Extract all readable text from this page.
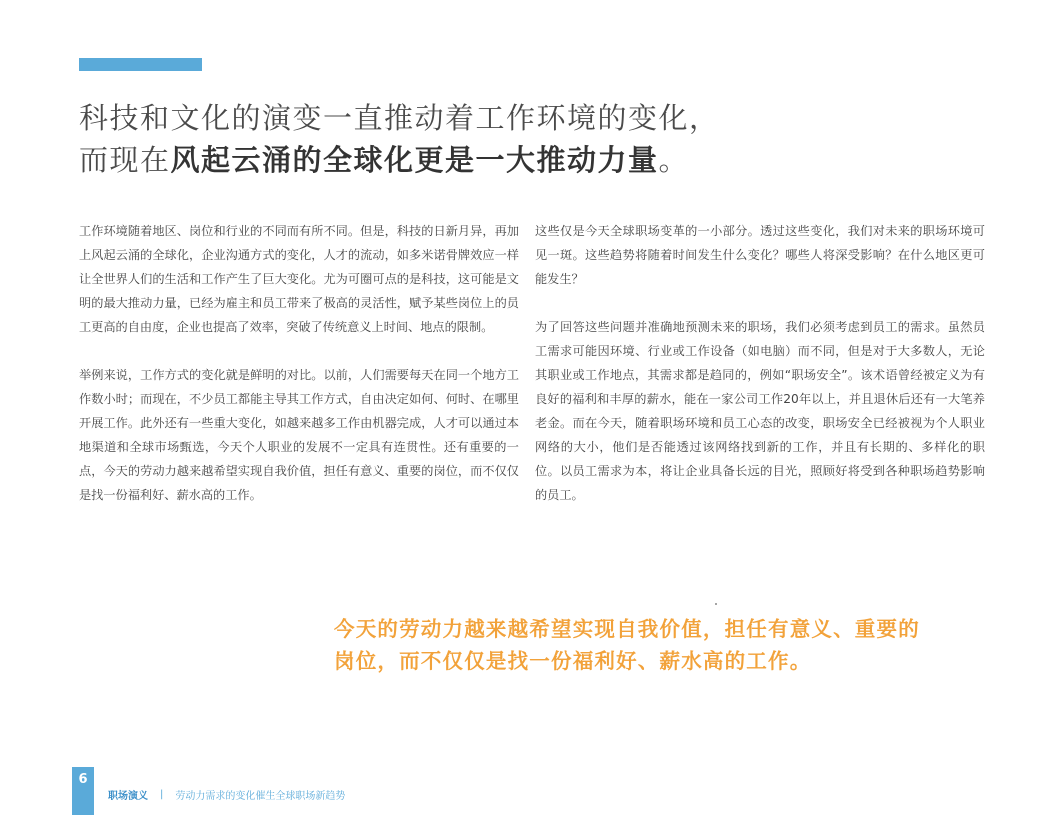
科技和文化的演变一直推动着工作环境的变化，
而现在风起云涌的全球化更是一大推动力量。

工作环境随着地区、岗位和行业的不同而有所不同。但是，科技的日新月异，再加上风起云涌的全球化，企业沟通方式的变化，人才的流动，如多米诺骨牌效应一样让全世界人们的生活和工作产生了巨大变化。尤为可圈可点的是科技，这可能是文明的最大推动力量，已经为雇主和员工带来了极高的灵活性，赋予某些岗位上的员工更高的自由度，企业也提高了效率，突破了传统意义上时间、地点的限制。

举例来说，工作方式的变化就是鲜明的对比。以前，人们需要每天在同一个地方工作数小时；而现在，不少员工都能主导其工作方式，自由决定如何、何时、在哪里开展工作。此外还有一些重大变化，如越来越多工作由机器完成，人才可以通过本地渠道和全球市场甄选，今天个人职业的发展不一定具有连贯性。还有重要的一点，今天的劳动力越来越希望实现自我价值，担任有意义、重要的岗位，而不仅仅是找一份福利好、薪水高的工作。

这些仅是今天全球职场变革的一小部分。透过这些变化，我们对未来的职场环境可见一斑。这些趋势将随着时间发生什么变化？哪些人将深受影响？在什么地区更可能发生？

为了回答这些问题并准确地预测未来的职场，我们必须考虑到员工的需求。虽然员工需求可能因环境、行业或工作设备（如电脑）而不同，但是对于大多数人，无论其职业或工作地点，其需求都是趋同的，例如“职场安全”。该术语曾经被定义为有良好的福利和丰厚的薪水，能在一家公司工作20年以上，并且退休后还有一大笔养老金。而在今天，随着职场环境和员工心态的改变，职场安全已经被视为个人职业网络的大小，他们是否能透过该网络找到新的工作，并且有长期的、多样化的职位。以员工需求为本，将让企业具备长远的目光，照顾好将受到各种职场趋势影响的员工。

今天的劳动力越来越希望实现自我价值，担任有意义、重要的
岗位，而不仅仅是找一份福利好、薪水高的工作。
6
职场演义 | 劳动力需求的变化催生全球职场新趋势
